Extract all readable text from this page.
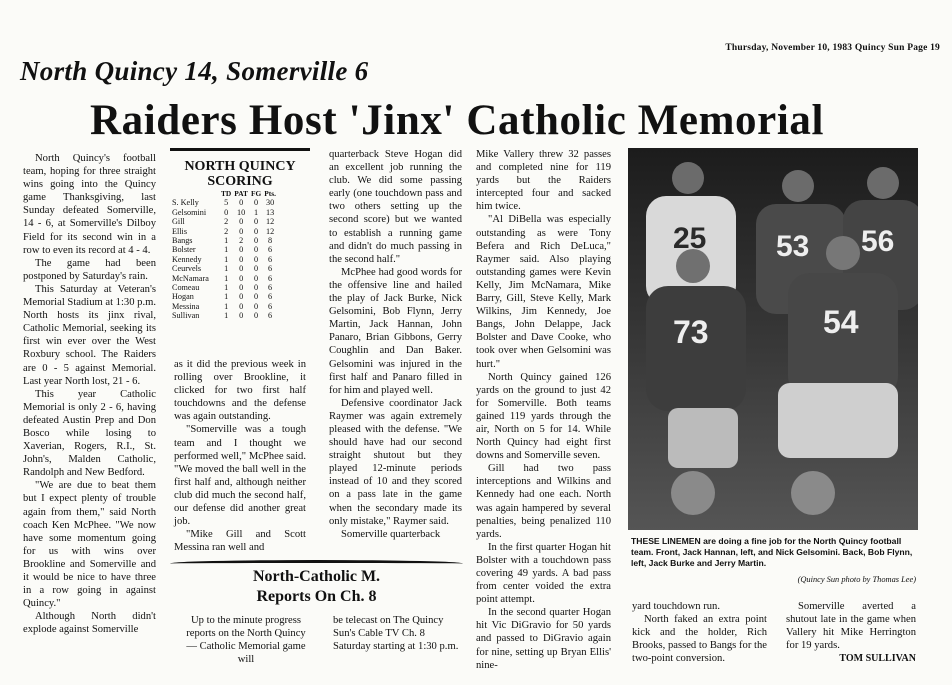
Thursday, November 10, 1983 Quincy Sun Page 19
North Quincy 14, Somerville 6
Raiders Host 'Jinx' Catholic Memorial

North Quincy's football team, hoping for three straight wins going into the Quincy game Thanksgiving, last Sunday defeated Somerville, 14 - 6, at Somerville's Dilboy Field for its second win in a row to even its record at 4 - 4.

The game had been postponed by Saturday's rain.

This Saturday at Veteran's Memorial Stadium at 1:30 p.m. North hosts its jinx rival, Catholic Memorial, seeking its first win ever over the West Roxbury school. The Raiders are 0 - 5 against Memorial. Last year North lost, 21 - 6.

This year Catholic Memorial is only 2 - 6, having defeated Austin Prep and Don Bosco while losing to Xaverian, Rogers, R.I., St. John's, Malden Catholic, Randolph and New Bedford.

"We are due to beat them but I expect plenty of trouble again from them," said North coach Ken McPhee. "We now have some momentum going for us with wins over Brookline and Somerville and it would be nice to have three in a row going in against Quincy."

Although North didn't explode against Somerville

NORTH QUINCY
SCORING
	TD	PAT	FG	Pts.
S. Kelly	5	0	0	30
Gelsomini	0	10	1	13
Gill	2	0	0	12
Ellis	2	0	0	12
Bangs	1	2	0	8
Bolster	1	0	0	6
Kennedy	1	0	0	6
Ceurvels	1	0	0	6
McNamara	1	0	0	6
Comeau	1	0	0	6
Hogan	1	0	0	6
Messina	1	0	0	6
Sullivan	1	0	0	6

as it did the previous week in rolling over Brookline, it clicked for two first half touchdowns and the defense was again outstanding.

"Somerville was a tough team and I thought we performed well," McPhee said. "We moved the ball well in the first half and, although neither club did much the second half, our defense did another great job.

"Mike Gill and Scott Messina ran well and

quarterback Steve Hogan did an excellent job running the club. We did some passing early (one touchdown pass and two others setting up the second score) but we wanted to establish a running game and didn't do much passing in the second half."

McPhee had good words for the offensive line and hailed the play of Jack Burke, Nick Gelsomini, Bob Flynn, Jerry Martin, Jack Hannan, John Panaro, Brian Gibbons, Gerry Coughlin and Dan Baker. Gelsomini was injured in the first half and Panaro filled in for him and played well.

Defensive coordinator Jack Raymer was again extremely pleased with the defense. "We should have had our second straight shutout but they played 12-minute periods instead of 10 and they scored on a pass late in the game when the secondary made its only mistake," Raymer said.

Somerville quarterback

Mike Vallery threw 32 passes and completed nine for 119 yards but the Raiders intercepted four and sacked him twice.

"Al DiBella was especially outstanding as were Tony Befera and Rich DeLuca," Raymer said. Also playing outstanding games were Kevin Kelly, Jim McNamara, Mike Barry, Gill, Steve Kelly, Mark Wilkins, Jim Kennedy, Joe Bangs, John Delappe, Jack Bolster and Dave Cooke, who took over when Gelsomini was hurt."

North Quincy gained 126 yards on the ground to just 42 for Somerville. Both teams gained 119 yards through the air, North on 5 for 14. While North Quincy had eight first downs and Somerville seven.

Gill had two pass interceptions and Wilkins and Kennedy had one each. North was again hampered by several penalties, being penalized 110 yards.

In the first quarter Hogan hit Bolster with a touchdown pass covering 49 yards. A bad pass from center voided the extra point attempt.

In the second quarter Hogan hit Vic DiGravio for 50 yards and passed to DiGravio again for nine, setting up Bryan Ellis' nine-

North-Catholic M.
Reports On Ch. 8
Up to the minute progress reports on the North Quincy — Catholic Memorial game will
be telecast on The Quincy Sun's Cable TV Ch. 8 Saturday starting at 1:30 p.m.
25 53 56
73	54
THESE LINEMEN are doing a fine job for the North Quincy football team. Front, Jack Hannan, left, and Nick Gelsomini. Back, Bob Flynn, left, Jack Burke and Jerry Martin.
(Quincy Sun photo by Thomas Lee)

yard touchdown run.

North faked an extra point kick and the holder, Rich Brooks, passed to Bangs for the two-point conversion.

Somerville averted a shutout late in the game when Vallery hit Mike Herrington for 19 yards.

TOM SULLIVAN
